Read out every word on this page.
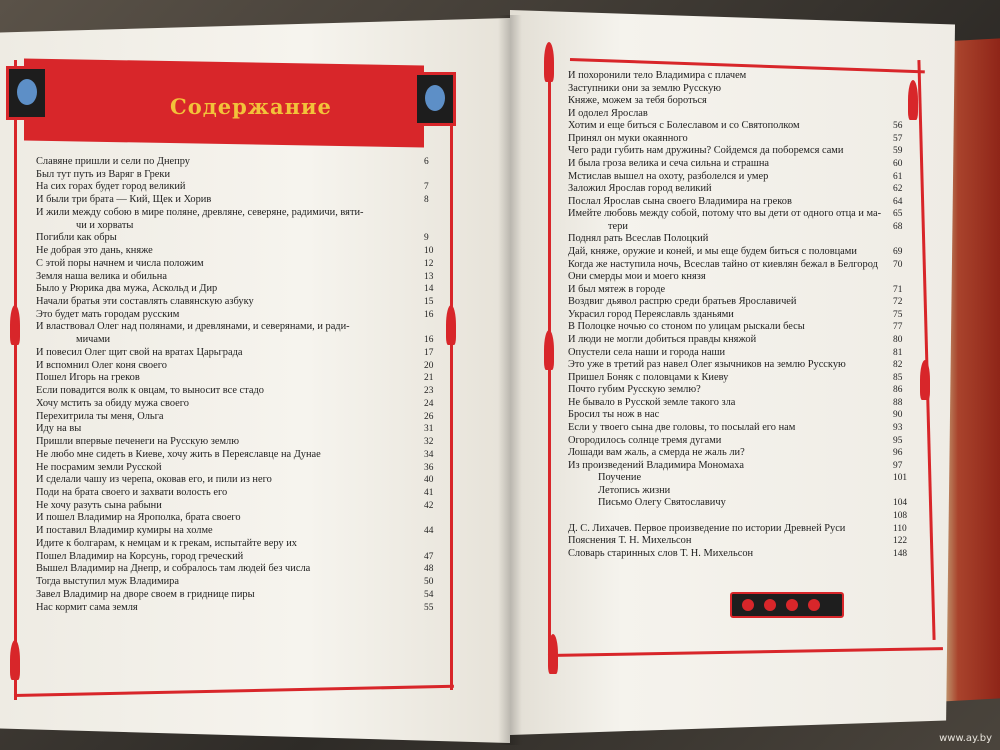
Содержание
Славяне пришли и сели по Днепру	6
Был тут путь из Варяг в Греки
На сих горах будет город великий	7
И были три брата — Кий, Щек и Хорив	8
И жили между собою в мире поляне, древляне, северяне, радимичи, вяти-
чи и хорваты
Погибли как обры	9
Не добрая это дань, княже	10
С этой поры начнем и числа положим	12
Земля наша велика и обильна	13
Было у Рюрика два мужа, Аскольд и Дир	14
Начали братья эти составлять славянскую азбуку	15
Это будет мать городам русским	16
И властвовал Олег над полянами, и древлянами, и северянами, и ради-
мичами	16
И повесил Олег щит свой на вратах Царьграда	17
И вспомнил Олег коня своего	20
Пошел Игорь на греков	21
Если повадится волк к овцам, то выносит все стадо	23
Хочу мстить за обиду мужа своего	24
Перехитрила ты меня, Ольга	26
Иду на вы	31
Пришли впервые печенеги на Русскую землю	32
Не любо мне сидеть в Киеве, хочу жить в Переяславце на Дунае	34
Не посрамим земли Русской	36
И сделали чашу из черепа, оковав его, и пили из него	40
Поди на брата своего и захвати волость его	41
Не хочу разуть сына рабыни	42
И пошел Владимир на Ярополка, брата своего
И поставил Владимир кумиры на холме	44
Идите к болгарам, к немцам и к грекам, испытайте веру их
Пошел Владимир на Корсунь, город греческий	47
Вышел Владимир на Днепр, и собралось там людей без числа	48
Тогда выступил муж Владимира	50
Завел Владимир на дворе своем в гриднице пиры	54
Нас кормит сама земля	55
И похоронили тело Владимира с плачем
Заступники они за землю Русскую
Княже, можем за тебя бороться
И одолел Ярослав
Хотим и еще биться с Болеславом и со Святополком	56
Принял он муки окаянного	57
Чего ради губить нам дружины? Сойдемся да поборемся сами	59
И была гроза велика и сеча сильна и страшна	60
Мстислав вышел на охоту, разболелся и умер	61
Заложил Ярослав город великий	62
Послал Ярослав сына своего Владимира на греков	64
Имейте любовь между собой, потому что вы дети от одного отца и ма- 65
тери	68
Поднял рать Всеслав Полоцкий
Дай, княже, оружие и коней, и мы еще будем биться с половцами	69
Когда же наступила ночь, Всеслав тайно от киевлян бежал в Белгород 70
Они смерды мои и моего князя
И был мятеж в городе	71
Воздвиг дьявол распрю среди братьев Ярославичей	72
Украсил город Переяславль зданьями	75
В Полоцке ночью со стоном по улицам рыскали бесы	77
И люди не могли добиться правды княжой	80
Опустели села наши и города наши	81
Это уже в третий раз навел Олег язычников на землю Русскую	82
Пришел Боняк с половцами к Киеву	85
Почто губим Русскую землю?	86
Не бывало в Русской земле такого зла	88
Бросил ты нож в нас	90
Если у твоего сына две головы, то посылай его нам	93
Огородилось солнце тремя дугами	95
Лошади вам жаль, а смерда не жаль ли?	96
Из произведений Владимира Мономаха	97
Поучение	101
Летопись жизни
Письмо Олегу Святославичу	104
108
Д. С. Лихачев. Первое произведение по истории Древней Руси	110
Пояснения Т. Н. Михельсон	122
Словарь старинных слов Т. Н. Михельсон	148
www.ay.by
